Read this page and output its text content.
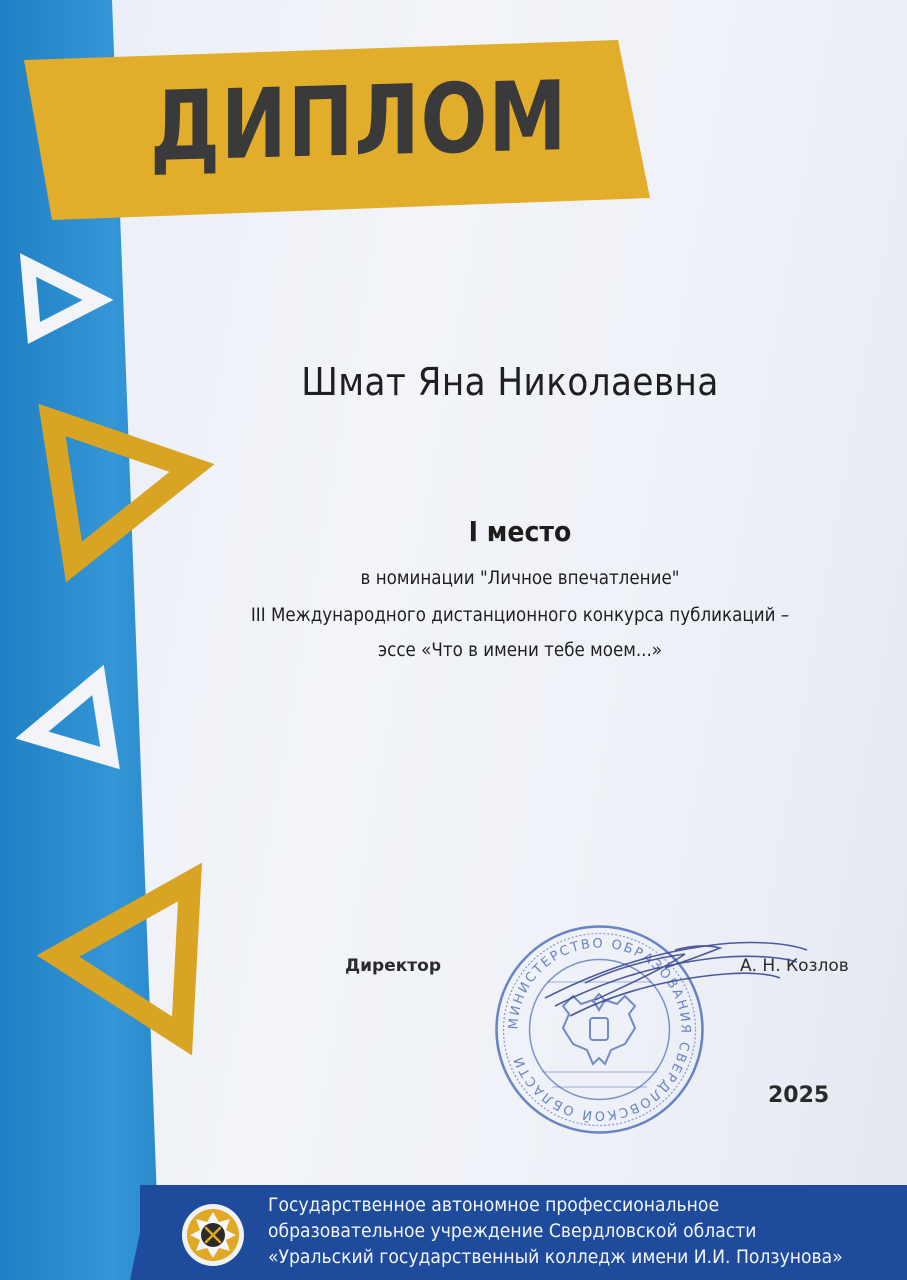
ДИПЛОМ
Шмат Яна Николаевна
I место
в номинации "Личное впечатление"
III Международного дистанционного конкурса публикаций –
эссе «Что в имени тебе моем...»
Директор	А. Н. Козлов
МИНИСТЕРСТВО ОБРАЗОВАНИЯ СВЕРДЛОВСКОЙ ОБЛАСТИ
2025
Государственное автономное профессиональное
образовательное учреждение Свердловской области
«Уральский государственный колледж имени И.И. Ползунова»
